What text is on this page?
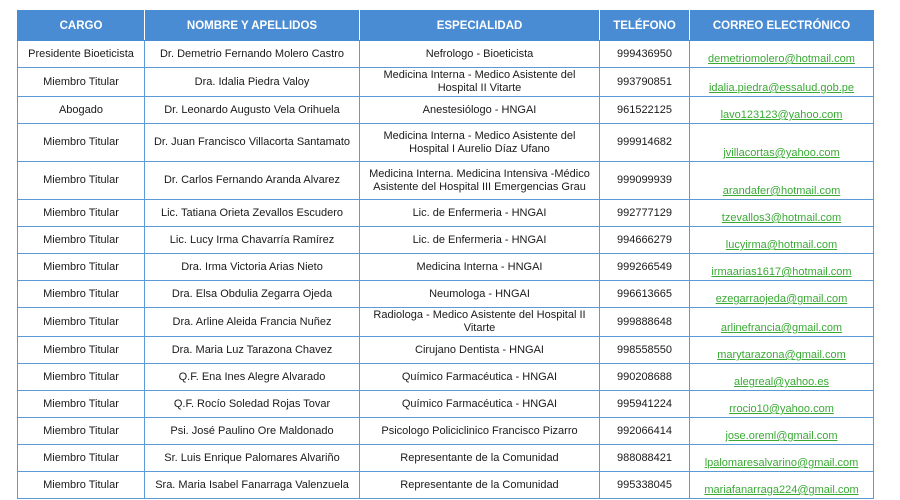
CARGO	NOMBRE Y APELLIDOS	ESPECIALIDAD	TELÉFONO	CORREO ELECTRÓNICO
Presidente Bioeticista	Dr. Demetrio Fernando Molero Castro	Nefrologo - Bioeticista	999436950	demetriomolero@hotmail.com
Miembro Titular	Dra. Idalia Piedra Valoy	Medicina Interna - Medico Asistente del Hospital II Vitarte	993790851	idalia.piedra@essalud.gob.pe
Abogado	Dr. Leonardo Augusto Vela Orihuela	Anestesiólogo - HNGAI	961522125	lavo123123@yahoo.com
Miembro Titular	Dr. Juan Francisco Villacorta Santamato	Medicina Interna - Medico Asistente del Hospital I Aurelio Díaz Ufano	999914682	jvillacortas@yahoo.com
Miembro Titular	Dr. Carlos Fernando Aranda Alvarez	Medicina Interna. Medicina Intensiva -Médico Asistente del Hospital III Emergencias Grau	999099939	arandafer@hotmail.com
Miembro Titular	Lic. Tatiana Orieta Zevallos Escudero	Lic. de Enfermeria - HNGAI	992777129	tzevallos3@hotmail.com
Miembro Titular	Lic. Lucy Irma Chavarría Ramírez	Lic. de Enfermeria - HNGAI	994666279	lucyirma@hotmail.com
Miembro Titular	Dra. Irma Victoria Arias Nieto	Medicina Interna - HNGAI	999266549	irmaarias1617@hotmail.com
Miembro Titular	Dra. Elsa Obdulia Zegarra Ojeda	Neumologa - HNGAI	996613665	ezegarraojeda@gmail.com
Miembro Titular	Dra. Arline Aleida Francia Nuñez	Radiologa - Medico Asistente del Hospital II Vitarte	999888648	arlinefrancia@gmail.com
Miembro Titular	Dra. Maria Luz Tarazona Chavez	Cirujano Dentista - HNGAI	998558550	marytarazona@gmail.com
Miembro Titular	Q.F. Ena Ines Alegre Alvarado	Químico Farmacéutica - HNGAI	990208688	alegreal@yahoo.es
Miembro Titular	Q.F. Rocío Soledad Rojas Tovar	Químico Farmacéutica - HNGAI	995941224	rrocio10@yahoo.com
Miembro Titular	Psi. José Paulino Ore Maldonado	Psicologo Policiclinico Francisco Pizarro	992066414	jose.oreml@gmail.com
Miembro Titular	Sr. Luis Enrique Palomares Alvariño	Representante de la Comunidad	988088421	lpalomaresalvarino@gmail.com
Miembro Titular	Sra. Maria Isabel Fanarraga Valenzuela	Representante de la Comunidad	995338045	mariafanarraga224@gmail.com
